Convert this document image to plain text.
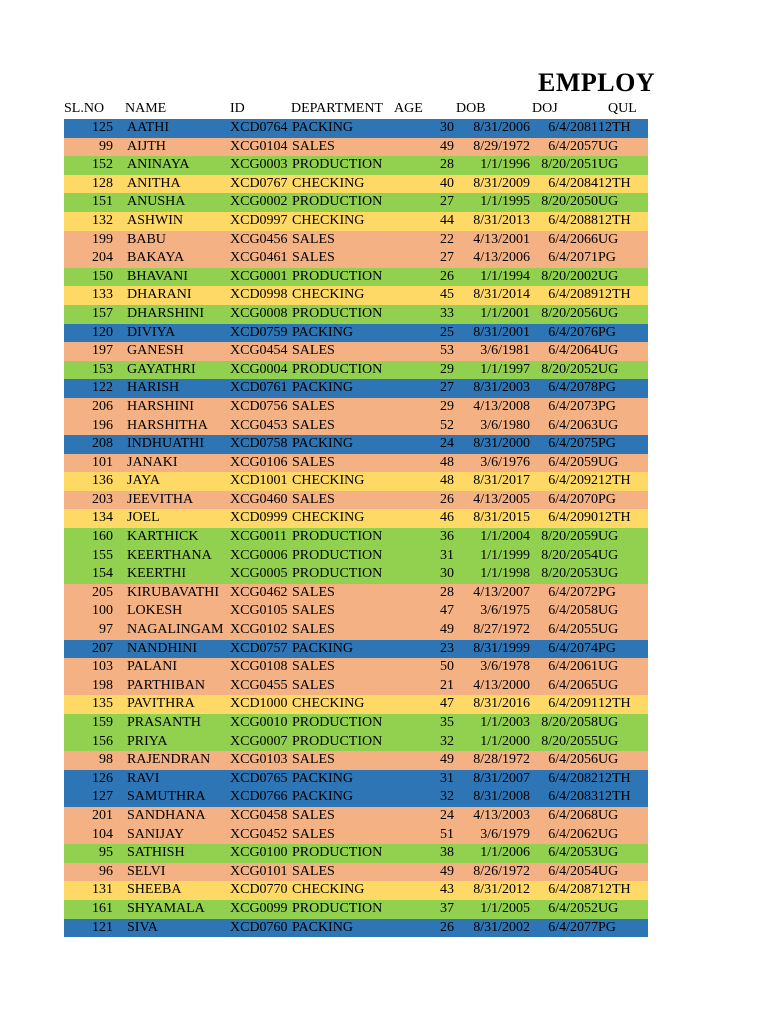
EMPLOY
SL.NO NAME	ID	DEPARTMENT AGE DOB	DOJ	QUL
125 AATHI	XCD0764 PACKING	30 8/31/2006 6/4/2081 12TH
99 AIJTH	XCG0104 SALES	49 8/29/1972 6/4/2057 UG
152 ANINAYA	XCG0003 PRODUCTION	28 1/1/1996 8/20/2051 UG
128 ANITHA	XCD0767 CHECKING	40 8/31/2009 6/4/2084 12TH
151 ANUSHA	XCG0002 PRODUCTION	27 1/1/1995 8/20/2050 UG
132 ASHWIN	XCD0997 CHECKING	44 8/31/2013 6/4/2088 12TH
199 BABU	XCG0456 SALES	22 4/13/2001 6/4/2066 UG
204 BAKAYA	XCG0461 SALES	27 4/13/2006 6/4/2071 PG
150 BHAVANI	XCG0001 PRODUCTION	26 1/1/1994 8/20/2002 UG
133 DHARANI	XCD0998 CHECKING	45 8/31/2014 6/4/2089 12TH
157 DHARSHINI XCG0008 PRODUCTION	33 1/1/2001 8/20/2056 UG
120 DIVIYA	XCD0759 PACKING	25 8/31/2001 6/4/2076 PG
197 GANESH	XCG0454 SALES	53 3/6/1981 6/4/2064 UG
153 GAYATHRI XCG0004 PRODUCTION	29 1/1/1997 8/20/2052 UG
122 HARISH	XCD0761 PACKING	27 8/31/2003 6/4/2078 PG
206 HARSHINI	XCD0756 SALES	29 4/13/2008 6/4/2073 PG
196 HARSHITHA XCG0453 SALES	52 3/6/1980 6/4/2063 UG
208 INDHUATHI XCD0758 PACKING	24 8/31/2000 6/4/2075 PG
101 JANAKI	XCG0106 SALES	48 3/6/1976 6/4/2059 UG
136 JAYA	XCD1001 CHECKING	48 8/31/2017 6/4/2092 12TH
203 JEEVITHA	XCG0460 SALES	26 4/13/2005 6/4/2070 PG
134 JOEL	XCD0999 CHECKING	46 8/31/2015 6/4/2090 12TH
160 KARTHICK XCG0011 PRODUCTION	36 1/1/2004 8/20/2059 UG
155 KEERTHANA XCG0006 PRODUCTION	31 1/1/1999 8/20/2054 UG
154 KEERTHI	XCG0005 PRODUCTION	30 1/1/1998 8/20/2053 UG
205 KIRUBAVATHI XCG0462 SALES	28 4/13/2007 6/4/2072 PG
100 LOKESH	XCG0105 SALES	47 3/6/1975 6/4/2058 UG
97 NAGALINGAM XCG0102 SALES	49 8/27/1972 6/4/2055 UG
207 NANDHINI XCD0757 PACKING	23 8/31/1999 6/4/2074 PG
103 PALANI	XCG0108 SALES	50 3/6/1978 6/4/2061 UG
198 PARTHIBAN XCG0455 SALES	21 4/13/2000 6/4/2065 UG
135 PAVITHRA	XCD1000 CHECKING	47 8/31/2016 6/4/2091 12TH
159 PRASANTH XCG0010 PRODUCTION	35 1/1/2003 8/20/2058 UG
156 PRIYA	XCG0007 PRODUCTION	32 1/1/2000 8/20/2055 UG
98 RAJENDRAN XCG0103 SALES	49 8/28/1972 6/4/2056 UG
126 RAVI	XCD0765 PACKING	31 8/31/2007 6/4/2082 12TH
127 SAMUTHRA XCD0766 PACKING	32 8/31/2008 6/4/2083 12TH
201 SANDHANA XCG0458 SALES	24 4/13/2003 6/4/2068 UG
104 SANIJAY	XCG0452 SALES	51 3/6/1979 6/4/2062 UG
95 SATHISH	XCG0100 PRODUCTION	38 1/1/2006 6/4/2053 UG
96 SELVI	XCG0101 SALES	49 8/26/1972 6/4/2054 UG
131 SHEEBA	XCD0770 CHECKING	43 8/31/2012 6/4/2087 12TH
161 SHYAMALA XCG0099 PRODUCTION	37 1/1/2005 6/4/2052 UG
121 SIVA	XCD0760 PACKING	26 8/31/2002 6/4/2077 PG
